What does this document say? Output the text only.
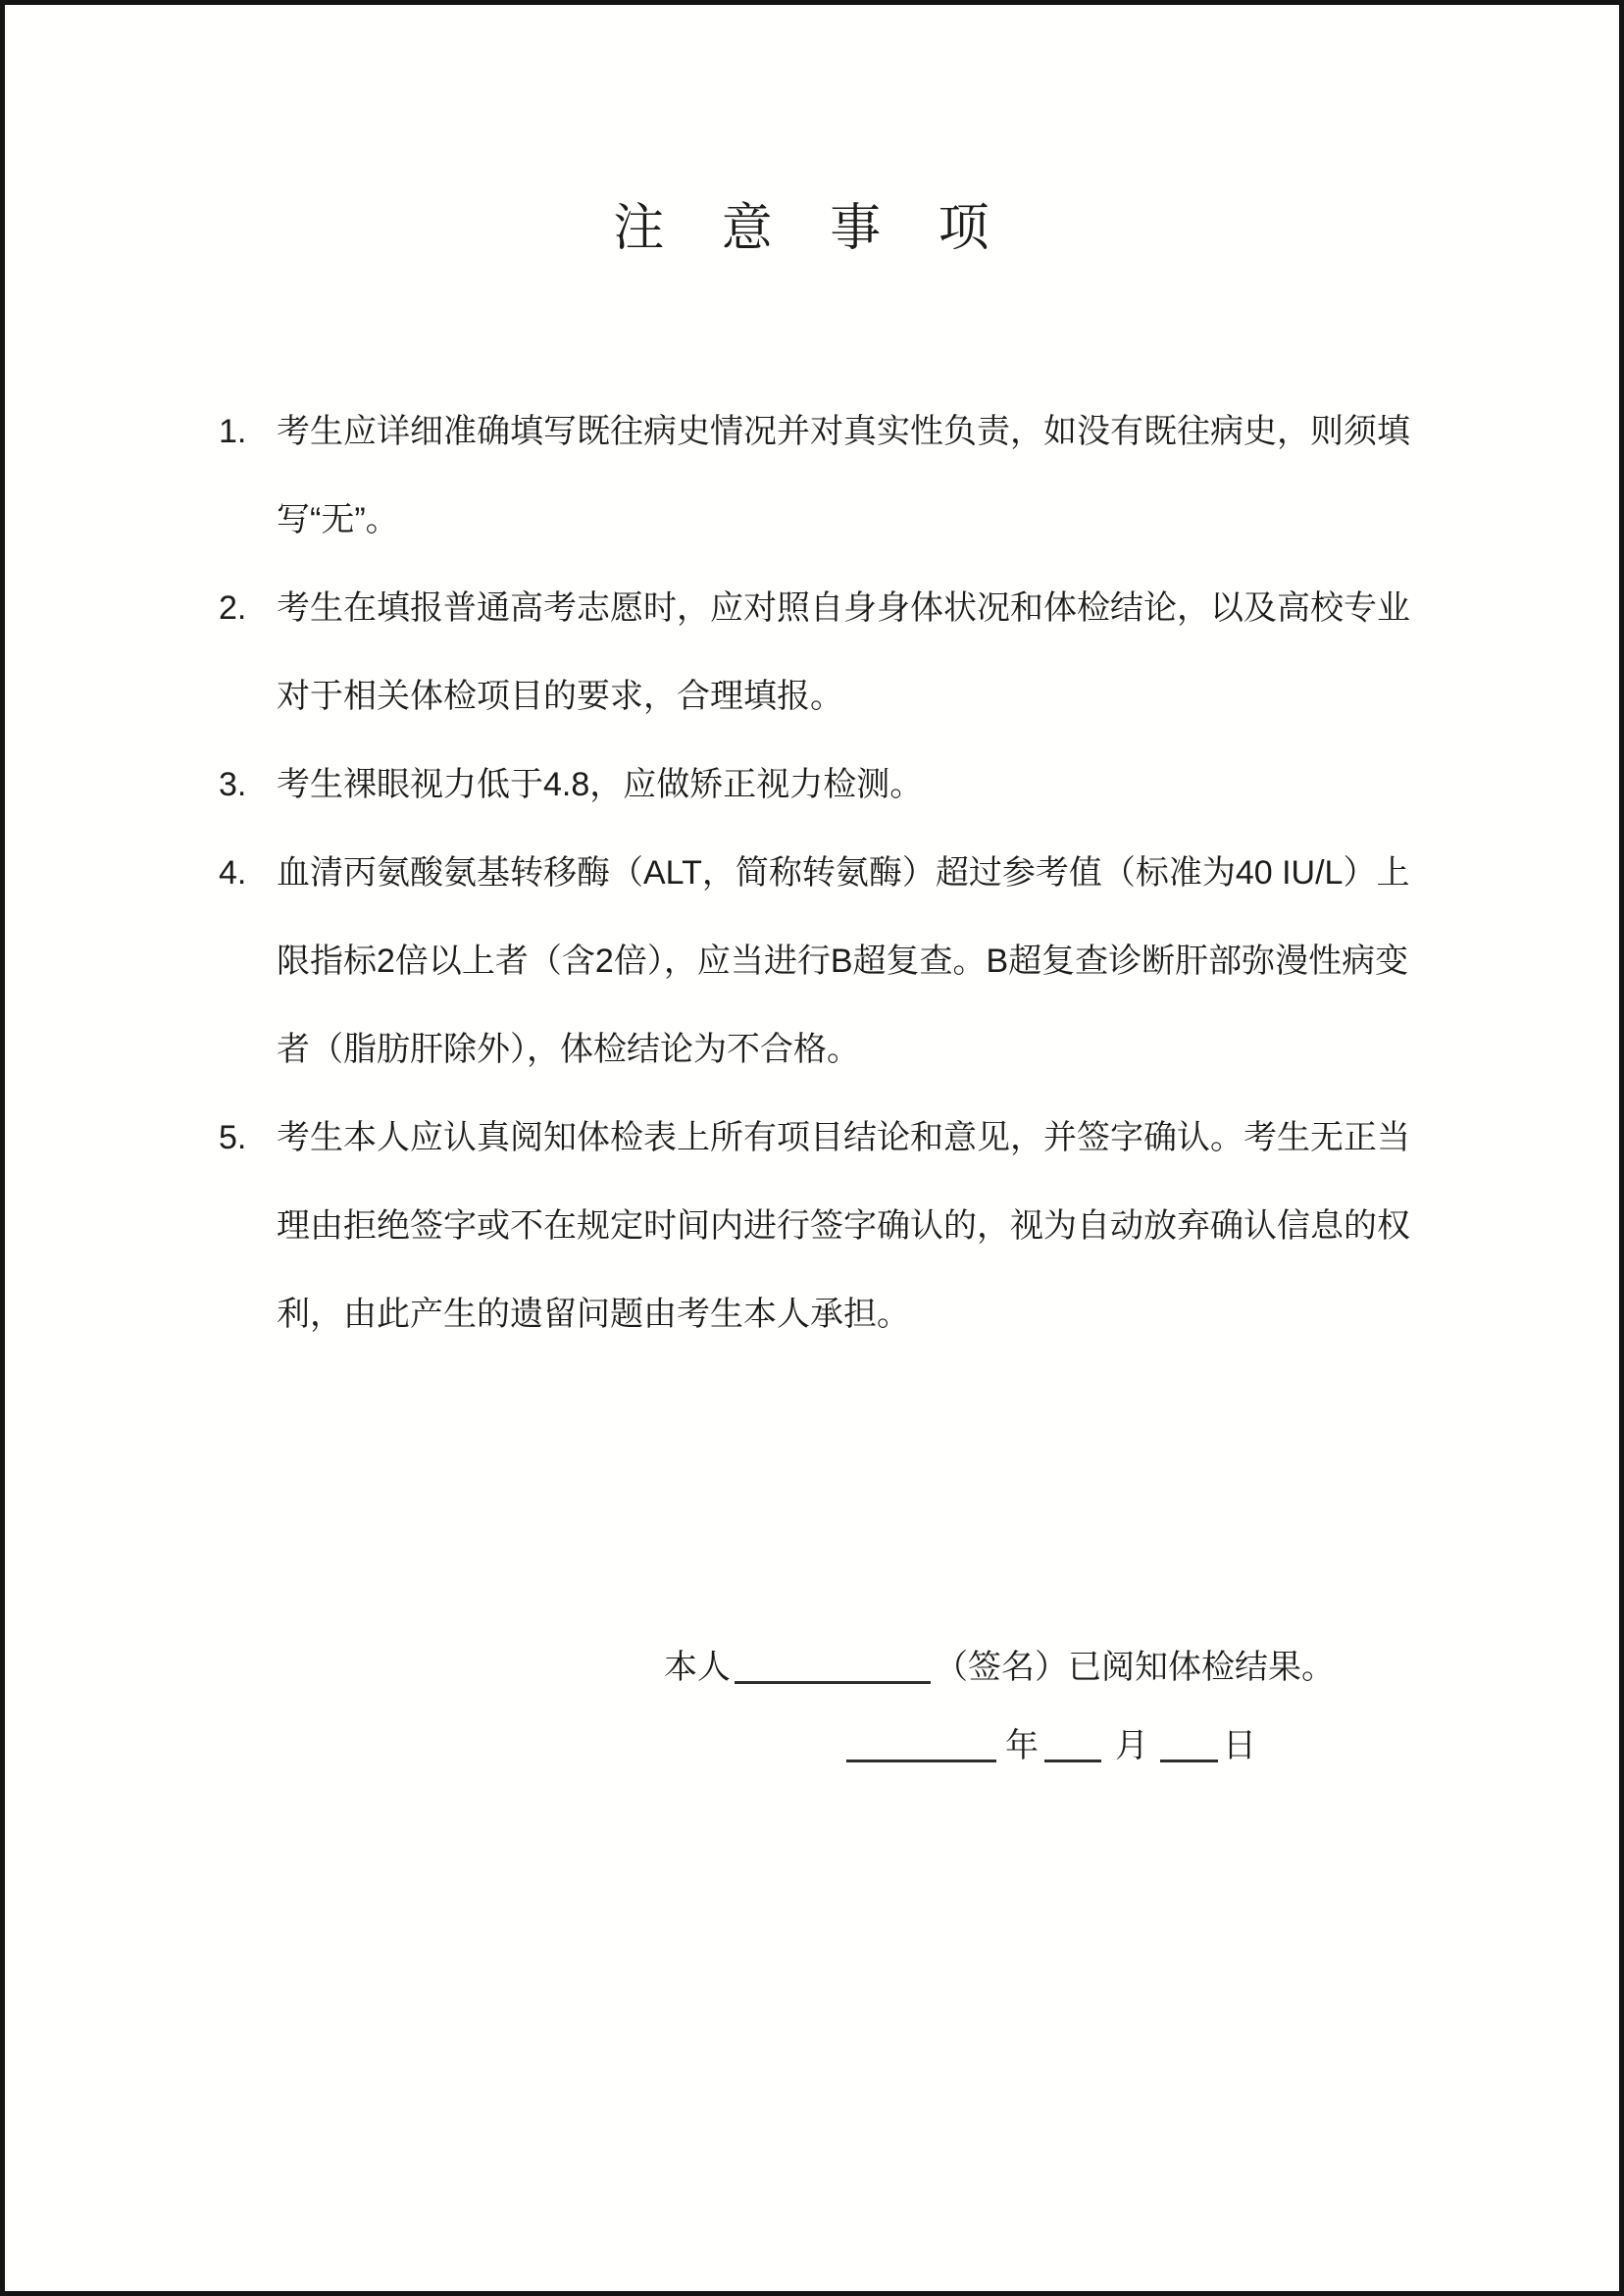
注 意 事 项
1. 考生应详细准确填写既往病史情况并对真实性负责，如没有既往病史，则须填写“无”。
2. 考生在填报普通高考志愿时，应对照自身身体状况和体检结论，以及高校专业对于相关体检项目的要求，合理填报。
3. 考生裸眼视力低于4.8，应做矫正视力检测。
4. 血清丙氨酸氨基转移酶（ALT，简称转氨酶）超过参考值（标准为40 IU/L）上限指标2倍以上者（含2倍），应当进行B超复查。B超复查诊断肝部弥漫性病变者（脂肪肝除外），体检结论为不合格。
5. 考生本人应认真阅知体检表上所有项目结论和意见，并签字确认。考生无正当理由拒绝签字或不在规定时间内进行签字确认的，视为自动放弃确认信息的权利，由此产生的遗留问题由考生本人承担。
本人	（签名）已阅知体检结果。
年 月 日
